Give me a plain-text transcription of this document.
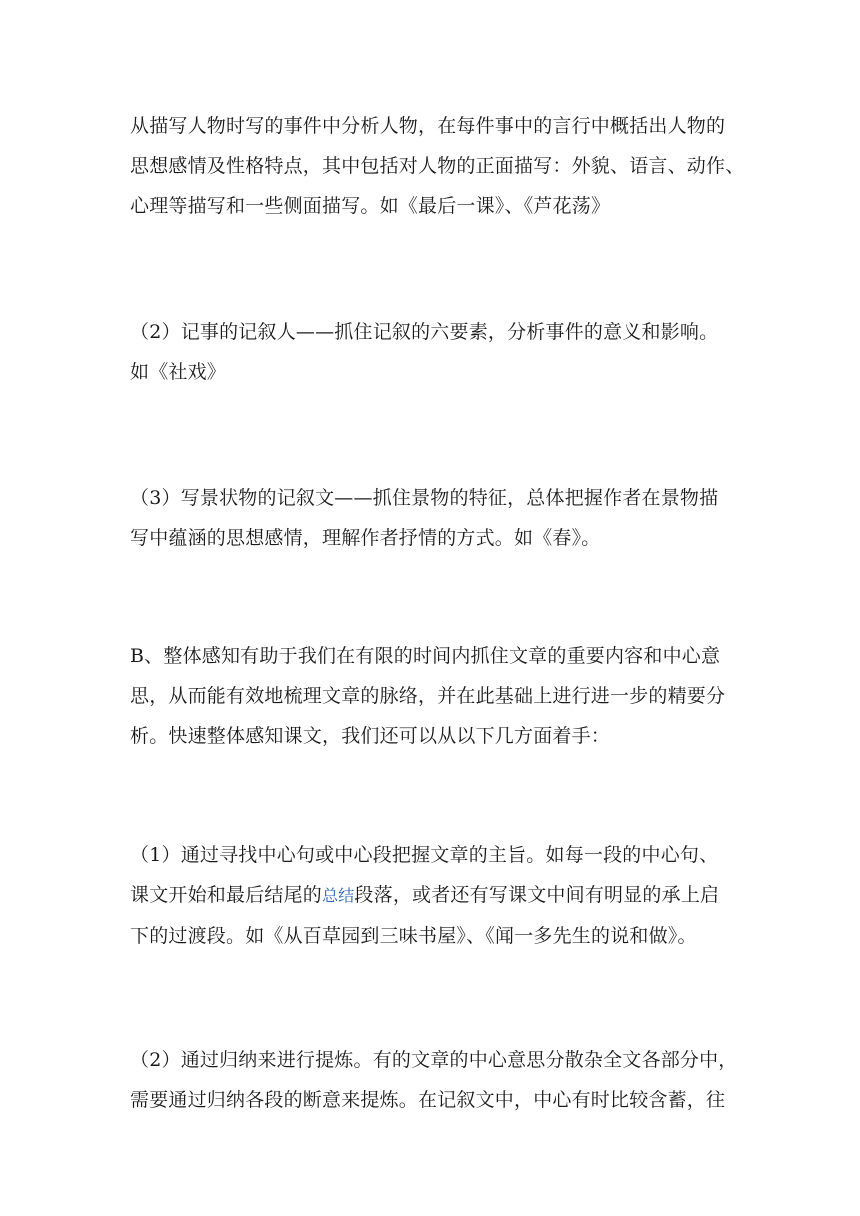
从描写人物时写的事件中分析人物，在每件事中的言行中概括出人物的
思想感情及性格特点，其中包括对人物的正面描写：外貌、语言、动作、
心理等描写和一些侧面描写。如《最后一课》、《芦花荡》

（2）记事的记叙人——抓住记叙的六要素，分析事件的意义和影响。
如《社戏》

（3）写景状物的记叙文——抓住景物的特征，总体把握作者在景物描
写中蕴涵的思想感情，理解作者抒情的方式。如《春》。

B、整体感知有助于我们在有限的时间内抓住文章的重要内容和中心意
思，从而能有效地梳理文章的脉络，并在此基础上进行进一步的精要分
析。快速整体感知课文，我们还可以从以下几方面着手：

（1）通过寻找中心句或中心段把握文章的主旨。如每一段的中心句、
课文开始和最后结尾的总结段落，或者还有写课文中间有明显的承上启
下的过渡段。如《从百草园到三味书屋》、《闻一多先生的说和做》。

（2）通过归纳来进行提炼。有的文章的中心意思分散杂全文各部分中，
需要通过归纳各段的断意来提炼。在记叙文中，中心有时比较含蓄，往
